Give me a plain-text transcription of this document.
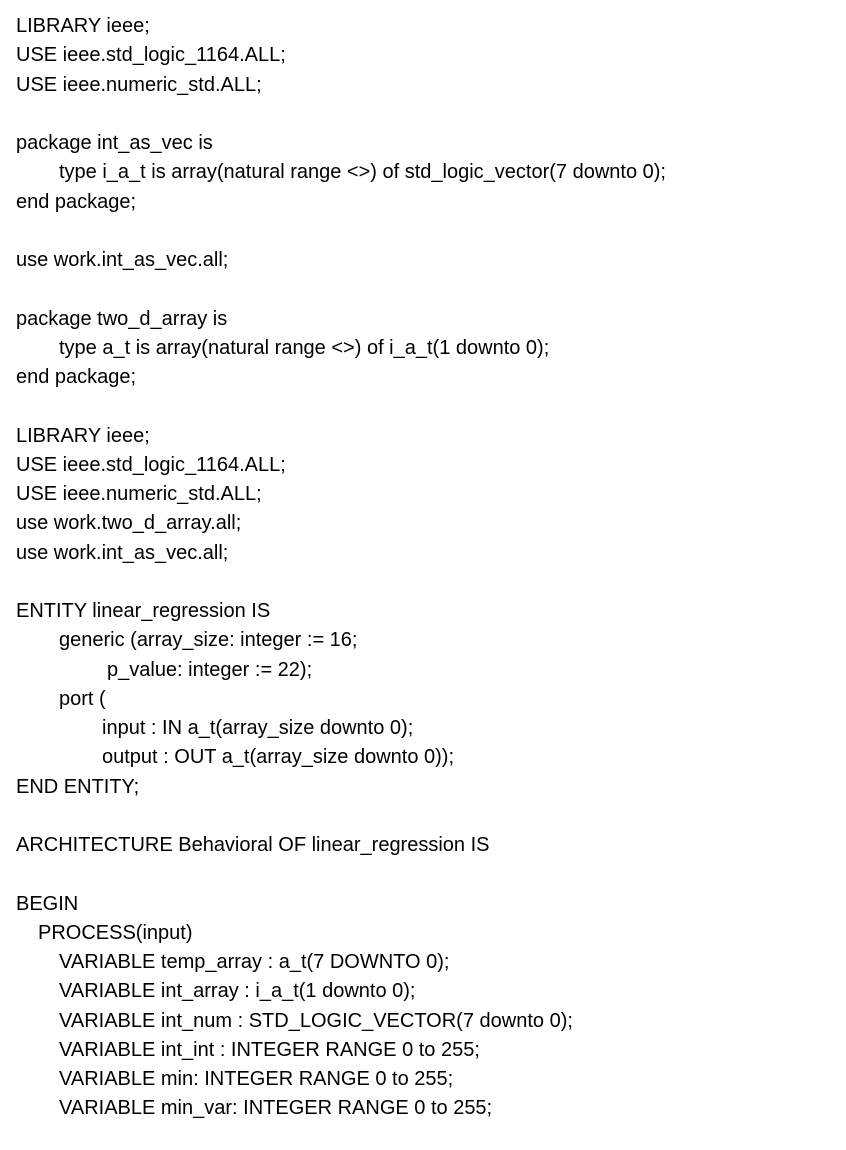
LIBRARY ieee;
USE ieee.std_logic_1164.ALL;
USE ieee.numeric_std.ALL;
package int_as_vec is
type i_a_t is array(natural range <>) of std_logic_vector(7 downto 0);
end package;
use work.int_as_vec.all;
package two_d_array is
type a_t is array(natural range <>) of i_a_t(1 downto 0);
end package;
LIBRARY ieee;
USE ieee.std_logic_1164.ALL;
USE ieee.numeric_std.ALL;
use work.two_d_array.all;
use work.int_as_vec.all;
ENTITY linear_regression IS
generic (array_size: integer := 16;
p_value: integer := 22);
port (
input : IN a_t(array_size downto 0);
output : OUT a_t(array_size downto 0));
END ENTITY;
ARCHITECTURE Behavioral OF linear_regression IS
BEGIN
PROCESS(input)
VARIABLE temp_array : a_t(7 DOWNTO 0);
VARIABLE int_array : i_a_t(1 downto 0);
VARIABLE int_num : STD_LOGIC_VECTOR(7 downto 0);
VARIABLE int_int : INTEGER RANGE 0 to 255;
VARIABLE min: INTEGER RANGE 0 to 255;
VARIABLE min_var: INTEGER RANGE 0 to 255;
